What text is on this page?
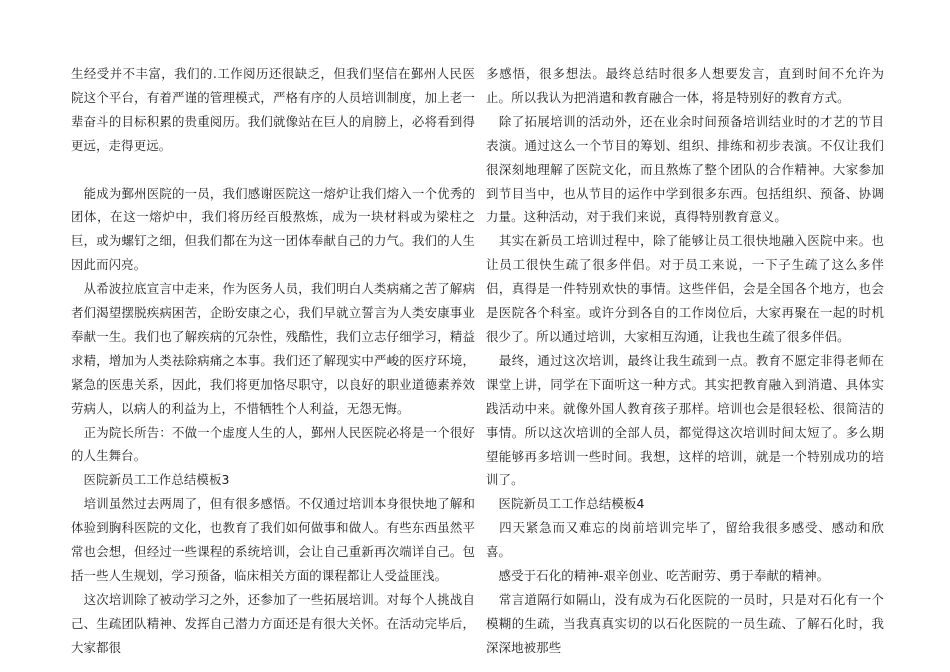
生经受并不丰富，我们的.工作阅历还很缺乏，但我们坚信在鄞州人民医院这个平台，有着严谨的管理模式，严格有序的人员培训制度，加上老一辈奋斗的目标积累的贵重阅历。我们就像站在巨人的肩膀上，必将看到得更远，走得更远。

　能成为鄞州医院的一员，我们感谢医院这一熔炉让我们熔入一个优秀的团体，在这一熔炉中，我们将历经百般熬炼，成为一块材料或为梁柱之巨，或为螺钉之细，但我们都在为这一团体奉献自己的力气。我们的人生因此而闪亮。

　从希波拉底宣言中走来，作为医务人员，我们明白人类病痛之苦了解病者们渴望摆脱疾病困苦，企盼安康之心，我们早就立誓言为人类安康事业奉献一生。我们也了解疾病的冗杂性，残酷性，我们立志仔细学习，精益求精，增加为人类祛除病痛之本事。我们还了解现实中严峻的医疗环境，紧急的医患关系，因此，我们将更加恪尽职守，以良好的职业道德素养效劳病人，以病人的利益为上，不惜牺牲个人利益，无怨无悔。

　正为院长所告：不做一个虚度人生的人，鄞州人民医院必将是一个很好的人生舞台。

　医院新员工工作总结模板3

　培训虽然过去两周了，但有很多感悟。不仅通过培训本身很快地了解和体验到胸科医院的文化，也教育了我们如何做事和做人。有些东西虽然平常也会想，但经过一些课程的系统培训，会让自己重新再次端详自己。包括一些人生规划，学习预备，临床相关方面的课程都让人受益匪浅。

　这次培训除了被动学习之外，还参加了一些拓展培训。对每个人挑战自己、生疏团队精神、发挥自己潜力方面还是有很大关怀。在活动完毕后，大家都很

多感悟，很多想法。最终总结时很多人想要发言，直到时间不允许为止。所以我认为把消遣和教育融合一体，将是特别好的教育方式。

　除了拓展培训的活动外，还在业余时间预备培训结业时的才艺的节目表演。通过这么一个节目的筹划、组织、排练和初步表演。不仅让我们很深刻地理解了医院文化，而且熬炼了整个团队的合作精神。大家参加到节目当中，也从节目的运作中学到很多东西。包括组织、预备、协调力量。这种活动，对于我们来说，真得特别教育意义。

　其实在新员工培训过程中，除了能够让员工很快地融入医院中来。也让员工很快生疏了很多伴侣。对于员工来说，一下子生疏了这么多伴侣，真得是一件特别欢快的事情。这些伴侣，会是全国各个地方，也会是医院各个科室。或许分到各自的工作岗位后，大家再聚在一起的时机很少了。所以通过培训，大家相互沟通，让我也生疏了很多伴侣。

　最终，通过这次培训，最终让我生疏到一点。教育不愿定非得老师在课堂上讲，同学在下面听这一种方式。其实把教育融入到消遣、具体实践活动中来。就像外国人教育孩子那样。培训也会是很轻松、很简洁的事情。所以这次培训的全部人员，都觉得这次培训时间太短了。多么期望能够再多培训一些时间。我想，这样的培训，就是一个特别成功的培训了。

　医院新员工工作总结模板4

　四天紧急而又难忘的岗前培训完毕了，留给我很多感受、感动和欣喜。

　感受于石化的精神-艰辛创业、吃苦耐劳、勇于奉献的精神。

　常言道隔行如隔山，没有成为石化医院的一员时，只是对石化有一个模糊的生疏，当我真真实切的以石化医院的一员生疏、了解石化时，我深深地被那些
